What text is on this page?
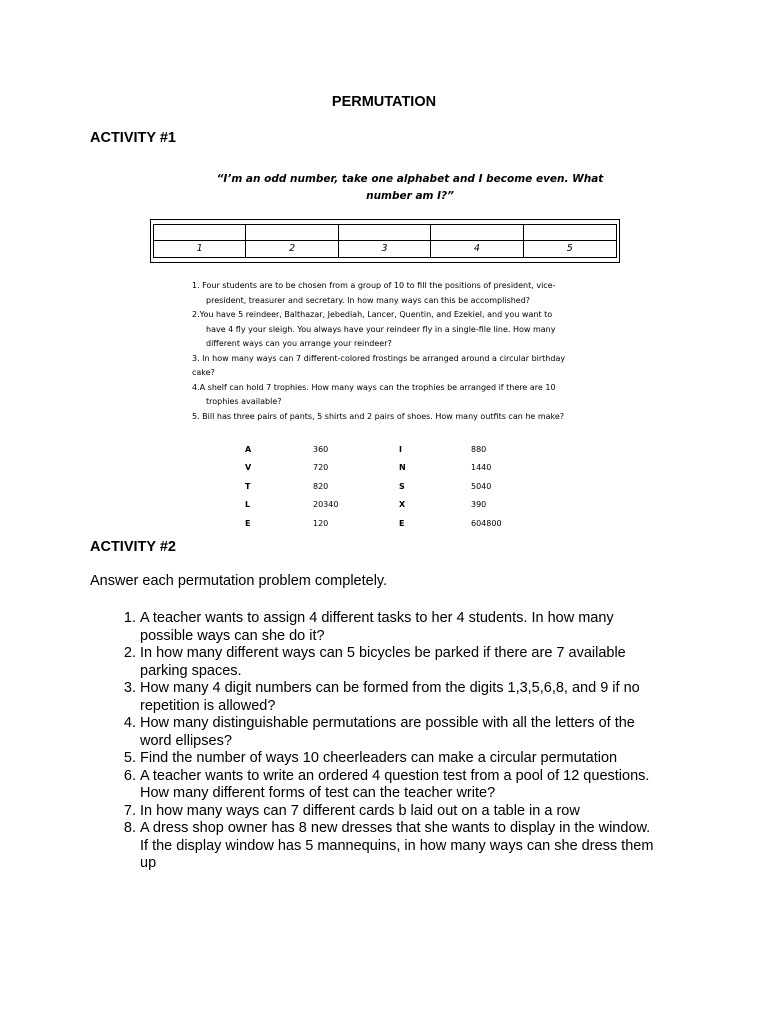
PERMUTATION
ACTIVITY #1
“I’m an odd number, take one alphabet and I become even. What
number am I?”
1	2	3	4	5
1. Four students are to be chosen from a group of 10 to fill the positions of president, vice-
president, treasurer and secretary. In how many ways can this be accomplished?
2.You have 5 reindeer, Balthazar, Jebediah, Lancer, Quentin, and Ezekiel, and you want to
have 4 fly your sleigh. You always have your reindeer fly in a single-file line. How many
different ways can you arrange your reindeer?
3. In how many ways can 7 different-colored frostings be arranged around a circular birthday
cake?
4.A shelf can hold 7 trophies. How many ways can the trophies be arranged if there are 10
trophies available?
5. Bill has three pairs of pants, 5 shirts and 2 pairs of shoes. How many outfits can he make?
A	360	I	880
V	720	N	1440
T	820	S	5040
L	20340	X	390
E	120	E	604800
ACTIVITY #2
Answer each permutation problem completely.
1. A teacher wants to assign 4 different tasks to her 4 students. In how many
possible ways can she do it?
2. In how many different ways can 5 bicycles be parked if there are 7 available
parking spaces.
3. How many 4 digit numbers can be formed from the digits 1,3,5,6,8, and 9 if no
repetition is allowed?
4. How many distinguishable permutations are possible with all the letters of the
word ellipses?
5. Find the number of ways 10 cheerleaders can make a circular permutation
6. A teacher wants to write an ordered 4 question test from a pool of 12 questions.
How many different forms of test can the teacher write?
7. In how many ways can 7 different cards b laid out on a table in a row
8. A dress shop owner has 8 new dresses that she wants to display in the window.
If the display window has 5 mannequins, in how many ways can she dress them
up
